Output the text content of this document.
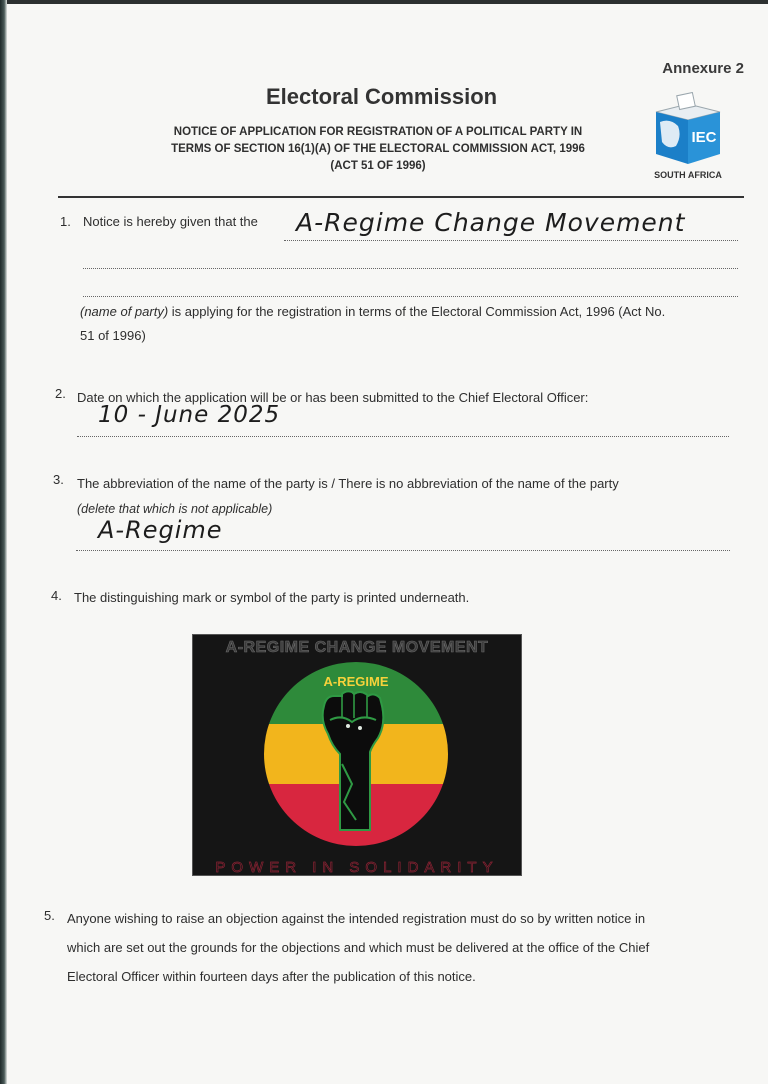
Annexure 2
Electoral Commission
NOTICE OF APPLICATION FOR REGISTRATION OF A POLITICAL PARTY IN
TERMS OF SECTION 16(1)(A) OF THE ELECTORAL COMMISSION ACT, 1996
(ACT 51 OF 1996)
IEC
SOUTH AFRICA
1. Notice is hereby given that the A-Regime Change Movement
(name of party) is applying for the registration in terms of the Electoral Commission Act, 1996 (Act No.
51 of 1996)
2. Date on which the application will be or has been submitted to the Chief Electoral Officer:
10 - June 2025
3. The abbreviation of the name of the party is / There is no abbreviation of the name of the party
(delete that which is not applicable)
A-Regime
4. The distinguishing mark or symbol of the party is printed underneath.
A-REGIME CHANGE MOVEMENT
A-REGIME
POWER IN SOLIDARITY
5. Anyone wishing to raise an objection against the intended registration must do so by written notice in
which are set out the grounds for the objections and which must be delivered at the office of the Chief
Electoral Officer within fourteen days after the publication of this notice.
